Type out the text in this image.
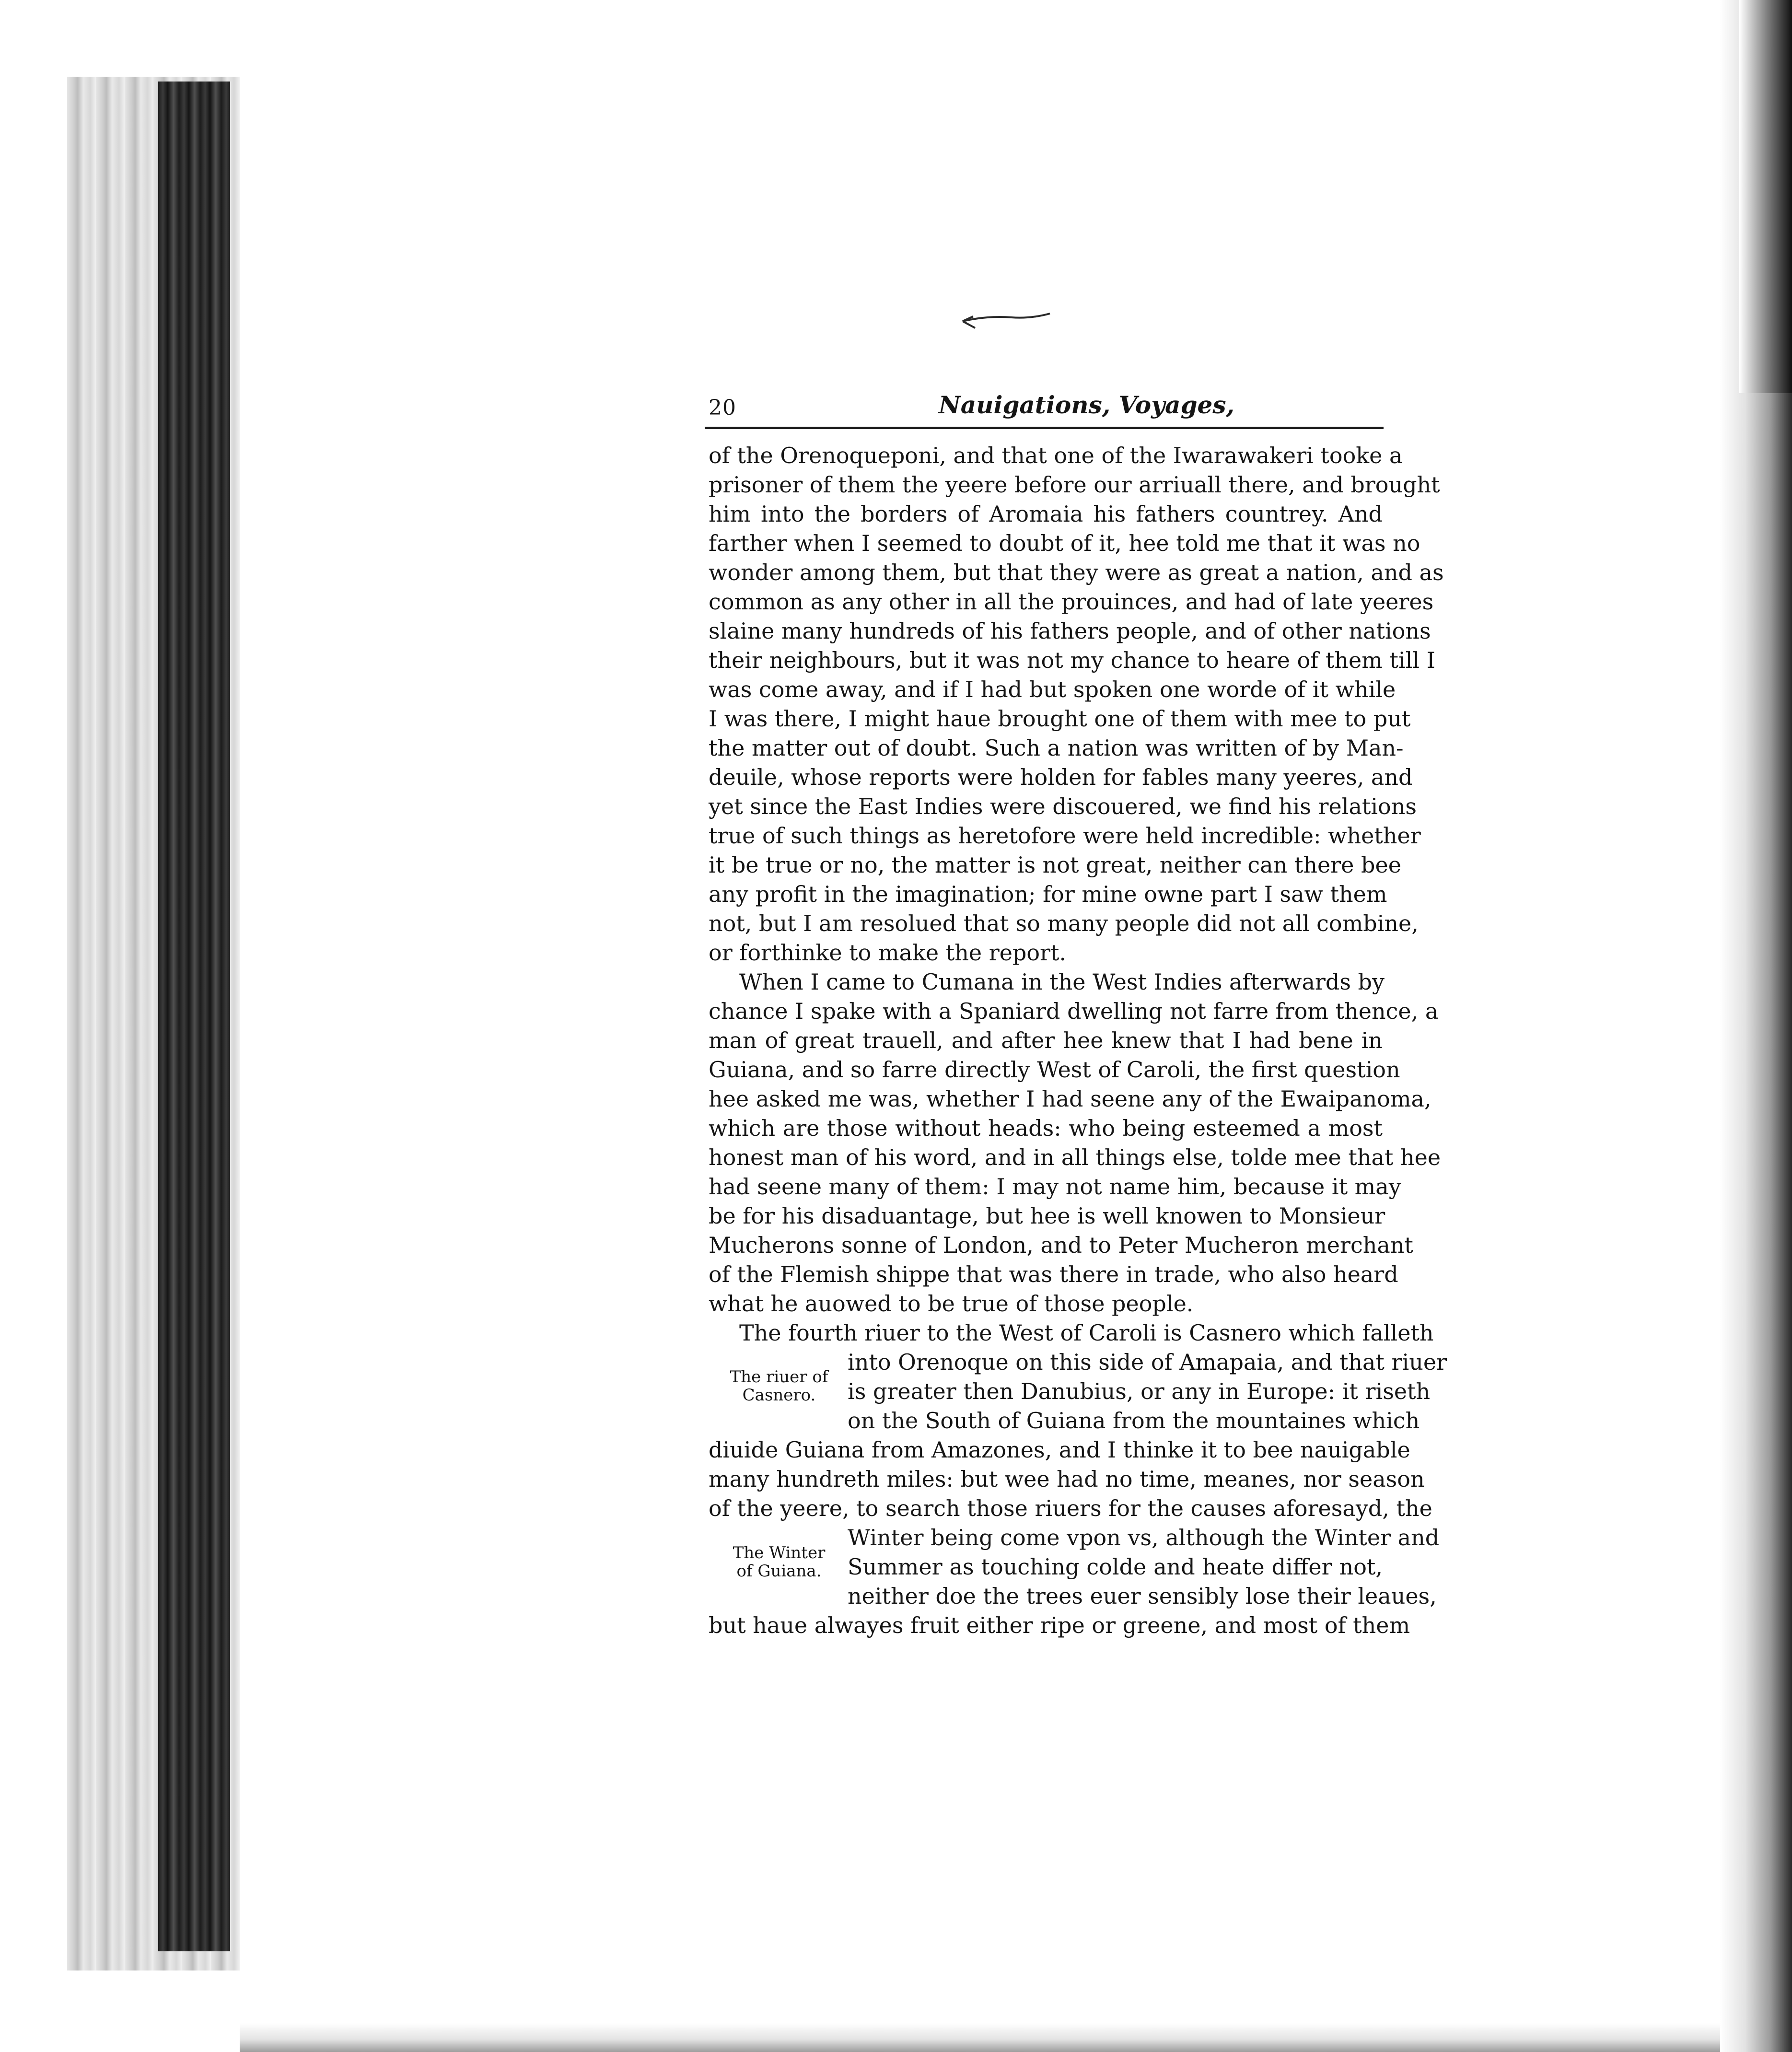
20	Nauigations, Voyages,
of the Orenoqueponi, and that one of the Iwarawakeri tooke a
prisoner of them the yeere before our arriuall there, and brought
him into the borders of Aromaia his fathers countrey. And
farther when I seemed to doubt of it, hee told me that it was no
wonder among them, but that they were as great a nation, and as
common as any other in all the prouinces, and had of late yeeres
slaine many hundreds of his fathers people, and of other nations
their neighbours, but it was not my chance to heare of them till I
was come away, and if I had but spoken one worde of it while
I was there, I might haue brought one of them with mee to put
the matter out of doubt. Such a nation was written of by Man-
deuile, whose reports were holden for fables many yeeres, and
yet since the East Indies were discouered, we find his relations
true of such things as heretofore were held incredible: whether
it be true or no, the matter is not great, neither can there bee
any profit in the imagination; for mine owne part I saw them
not, but I am resolued that so many people did not all combine,
or forthinke to make the report.
When I came to Cumana in the West Indies afterwards by
chance I spake with a Spaniard dwelling not farre from thence, a
man of great trauell, and after hee knew that I had bene in
Guiana, and so farre directly West of Caroli, the first question
hee asked me was, whether I had seene any of the Ewaipanoma,
which are those without heads: who being esteemed a most
honest man of his word, and in all things else, tolde mee that hee
had seene many of them: I may not name him, because it may
be for his disaduantage, but hee is well knowen to Monsieur
Mucherons sonne of London, and to Peter Mucheron merchant
of the Flemish shippe that was there in trade, who also heard
what he auowed to be true of those people.
The fourth riuer to the West of Caroli is Casnero which falleth
into Orenoque on this side of Amapaia, and that riuer
is greater then Danubius, or any in Europe: it riseth
on the South of Guiana from the mountaines which
diuide Guiana from Amazones, and I thinke it to bee nauigable
many hundreth miles: but wee had no time, meanes, nor season
of the yeere, to search those riuers for the causes aforesayd, the
Winter being come vpon vs, although the Winter and
Summer as touching colde and heate differ not,
neither doe the trees euer sensibly lose their leaues,
but haue alwayes fruit either ripe or greene, and most of them
The riuer of
Casnero.
The Winter
of Guiana.
